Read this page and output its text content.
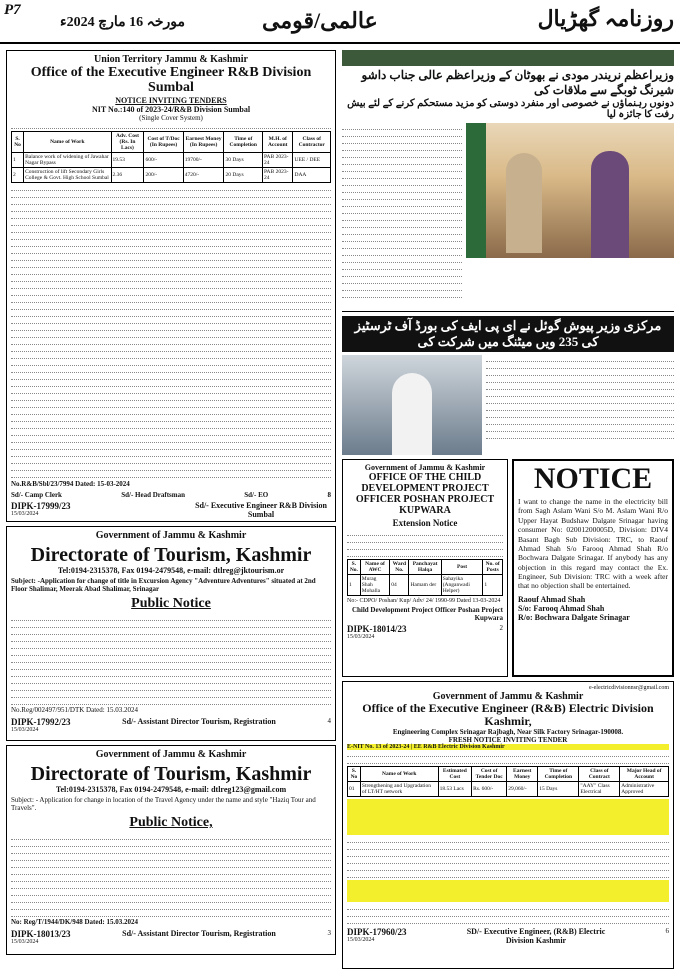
P7
مورخہ 16 مارچ 2024ء	عالمی/قومی	روزنامہ گھڑیال
Union Territory Jammu & Kashmir
Office of the Executive Engineer R&B Division Sumbal
NOTICE INVITING TENDERS
NIT No.:140 of 2023-24/R&B Division Sumbal
(Single Cover System)
S. No	Name of Work	Adv. Cost (Rs. In Lacs)	Cost of T/Doc (In Rupees)	Earnest Money (In Rupees)	Time of Completion	M.H. of Account	Class of Contractor
1	Balance work of widening of Jawahar Nagar Bypass	19.53	600/-	19700/-	30 Days	PAB 2023-24	UEE / DEE
2	Construction of lift Secondary Girls College & Govt. High School Sumbal	2.36	200/-	4720/-	20 Days	PAB 2023-24	DAA
No.R&B/Sbl/23/7994 Dated: 15-03-2024
Sd/- Camp Clerk	Sd/- Head Draftsman	Sd/- EO	8
DIPK-17999/23
15/03/2024
Sd/- Executive Engineer R&B Division Sumbal
Government of Jammu & Kashmir
Directorate of Tourism, Kashmir
Tel:0194-2315378, Fax 0194-2479548, e-mail: dtlreg@jktourism.or
Subject: -Application for change of title in Excursion Agency "Adventure Adventures" situated at 2nd Floor Shalimar, Meerak Abad Shalimar, Srinagar
Public Notice
No.Reg/002497/951/DTK Dated: 15.03.2024
DIPK-17992/23
15/03/2024
Sd/- Assistant Director Tourism, Registration	4
Government of Jammu & Kashmir
Directorate of Tourism, Kashmir
Tel:0194-2315378, Fax 0194-2479548, e-mail: dtlreg123@gmail.com
Subject: - Application for change in location of the Travel Agency under the name and style "Haziq Tour and Travels".
Public Notice,
No: Reg/T/1944/DK/948 Dated: 15.03.2024
DIPK-18013/23
15/03/2024
Sd/- Assistant Director Tourism, Registration	3
وزیراعظم نریندر مودی نے بھوٹان کے وزیراعظم عالی جناب داشو شیرنگ ٹوبگے سے ملاقات کی
دونوں رہنماؤں نے خصوصی اور منفرد دوستی کو مزید مستحکم کرنے کے لئے بیش رفت کا جائزہ لیا
مرکزی وزیر پیوش گوئل نے ای پی ایف کی بورڈ آف ٹرسٹیز کی 235 ویں میٹنگ میں شرکت کی
Government of Jammu & Kashmir
OFFICE OF THE CHILD DEVELOPMENT PROJECT OFFICER POSHAN PROJECT KUPWARA
Extension Notice
S. No.	Name of AWC	Ward No.	Panchayat Halqa	Post	No. of Posts
1	Murag Shah Mohalla	04	Hamam der	Sahayika (Anganwadi Helper)	1
No:- CDPO/ Poshan/ Kup/ Adv/ 24/ 1990-99 Dated 13-03-2024
Child Development Project Officer Poshan Project Kupwara
DIPK-18014/23
15/03/2024
2
NOTICE
I want to change the name in the electricity bill from Sagh Aslam Wani S/o M. Aslam Wani R/o Upper Hayat Budshaw Dalgate Srinagar having consumer No: 02001200005D, Division: DIV4 Basant Bagh Sub Division: TRC, to Raouf Ahmad Shah S/o Farooq Ahmad Shah R/o Bochwara Dalgate Srinagar. If anybody has any objection in this regard may contact the Ex. Engineer, Sub Division: TRC with a week after that no objection shall be entertained.
Raouf Ahmad Shah
S/o: Farooq Ahmad Shah
R/o: Bochwara Dalgate Srinagar
e-electricdivisionnsr@gmail.com
Government of Jammu & Kashmir
Office of the Executive Engineer (R&B) Electric Division Kashmir,
Engineering Complex Srinagar Rajbagh, Near Silk Factory Srinagar-190008.
FRESH NOTICE INVITING TENDER
E-NIT No. 13 of 2023-24 | EE R&B Electric Division Kashmir
S. No	Name of Work	Estimated Cost	Cost of Tender Doc	Earnest Money	Time of Completion	Class of Contract	Major Head of Account
01	Strengthening and Upgradation of LT/HT network	18.53 Lacs	Rs. 600/-	29,060/-	15 Days	"AAY" Class Electrical	Administrative Approved
DIPK-17960/23
15/03/2024
SD/- Executive Engineer, (R&B) Electric Division Kashmir
6
